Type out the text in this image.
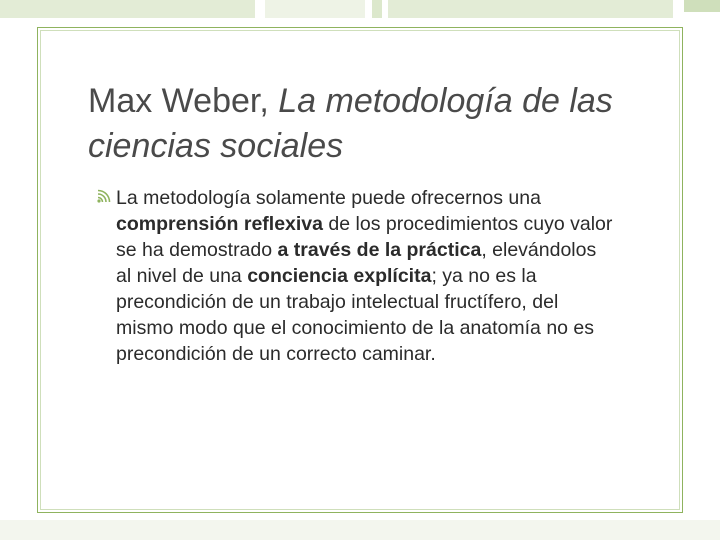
Max Weber, La metodología de las ciencias sociales

La metodología solamente puede ofrecernos una comprensión reflexiva de los procedimientos cuyo valor se ha demostrado a través de la práctica, elevándolos al nivel de una conciencia explícita; ya no es la precondición de un trabajo intelectual fructífero, del mismo modo que el conocimiento de la anatomía no es precondición de un correcto caminar.
